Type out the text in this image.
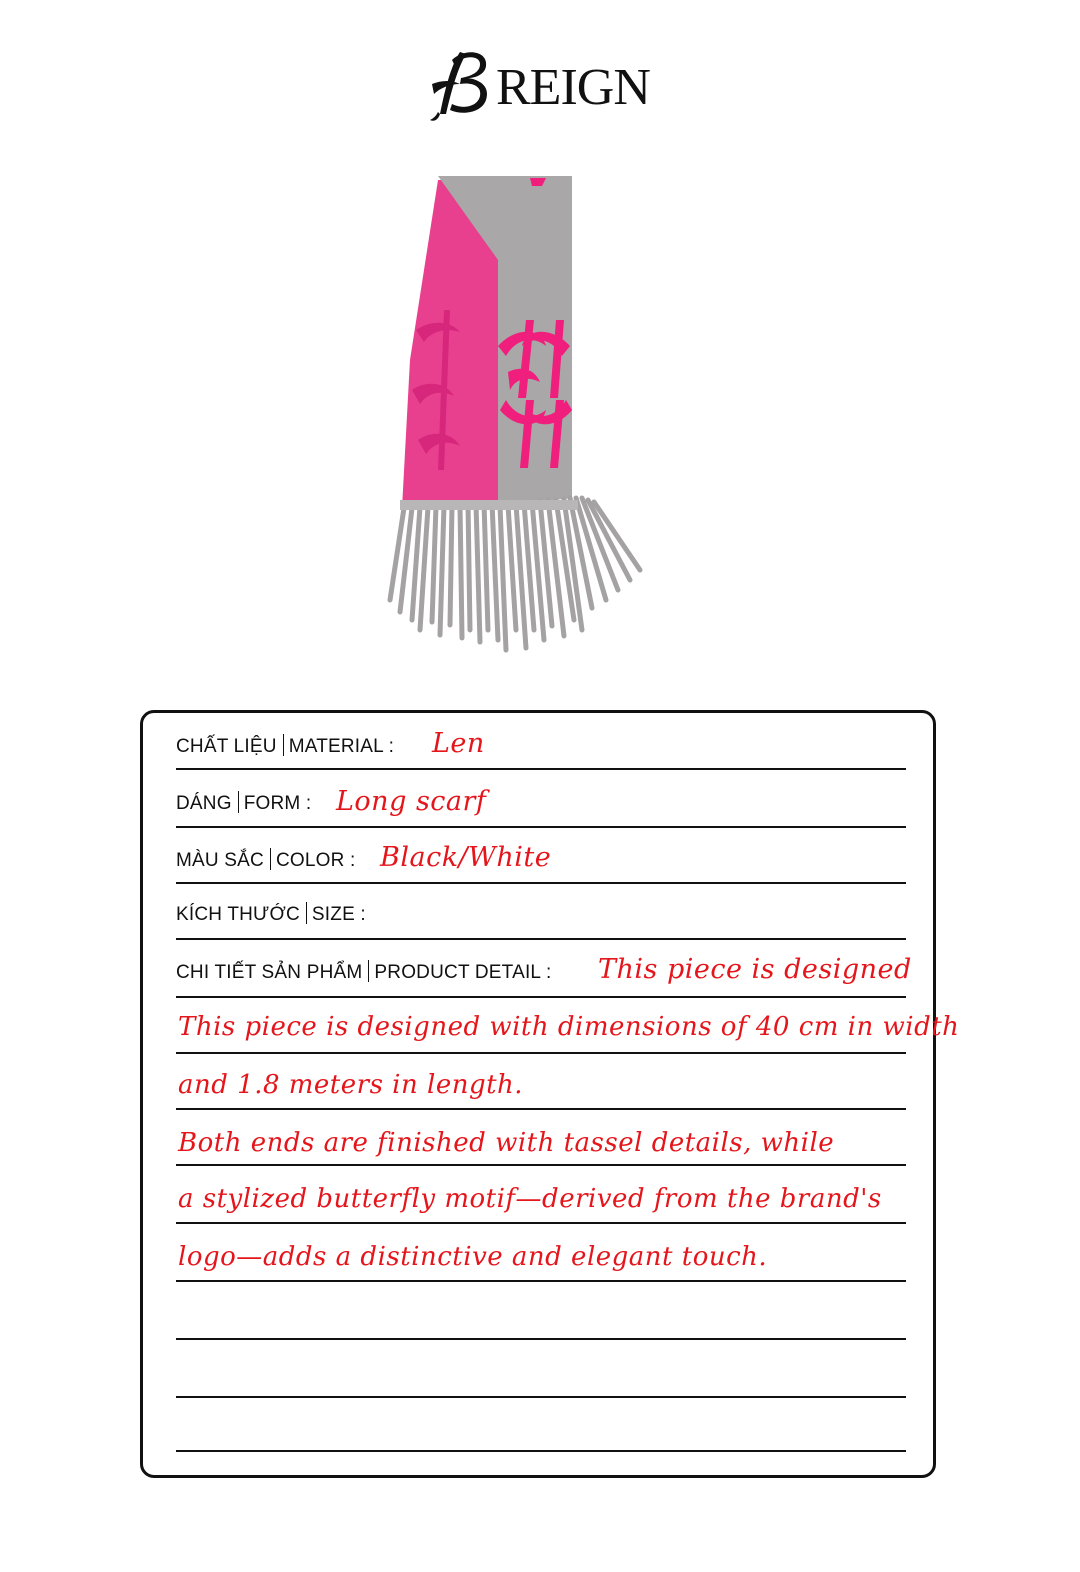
REIGN
CHẤT LIỆU MATERIAL : Len
DÁNG FORM : Long scarf
MÀU SẮC COLOR : Black/White
KÍCH THƯỚC SIZE :
CHI TIẾT SẢN PHẨM PRODUCT DETAIL : This piece is designed
This piece is designed with dimensions of 40 cm in width
and 1.8 meters in length.
Both ends are finished with tassel details, while
a stylized butterfly motif—derived from the brand's
logo—adds a distinctive and elegant touch.
